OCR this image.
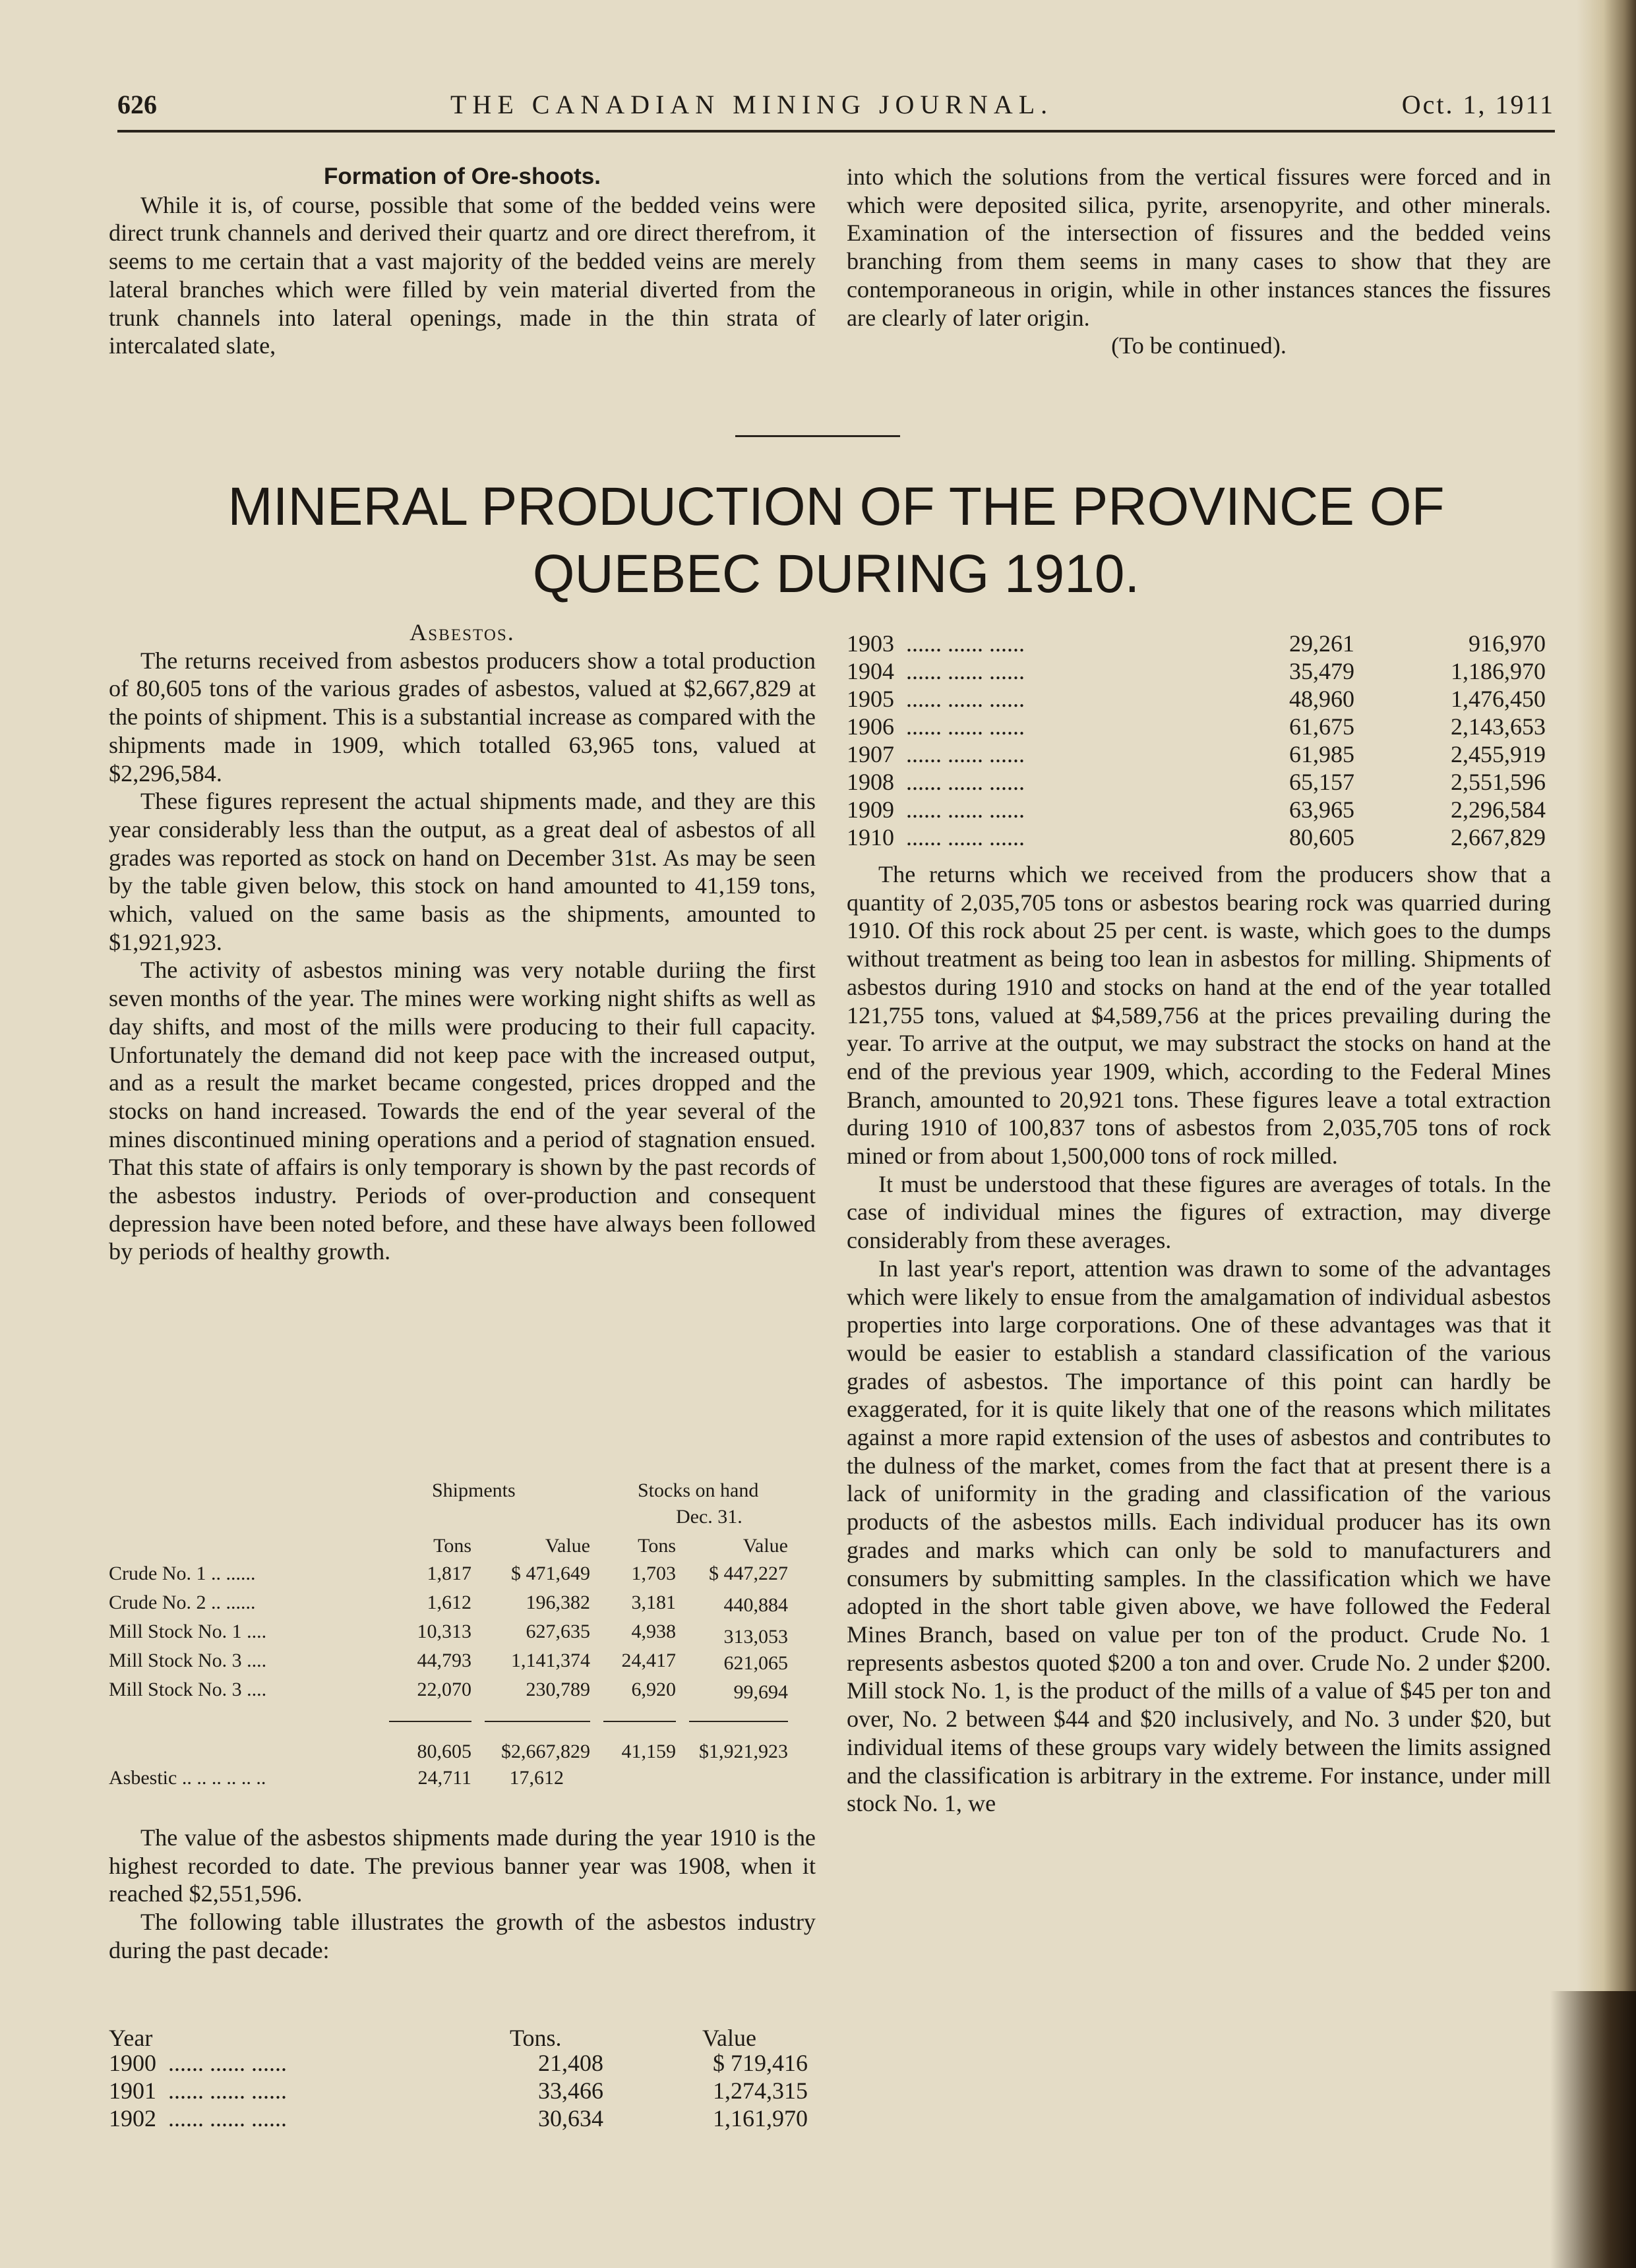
626	THE CANADIAN MINING JOURNAL.	Oct. 1, 1911
Formation of Ore-shoots.

While it is, of course, possible that some of the bedded veins were direct trunk channels and derived their quartz and ore direct therefrom, it seems to me certain that a vast majority of the bedded veins are merely lateral branches which were filled by vein material diverted from the trunk channels into lateral openings, made in the thin strata of intercalated slate,

into which the solutions from the vertical fissures were forced and in which were deposited silica, pyrite, arsenopyrite, and other minerals. Examination of the intersection of fissures and the bedded veins branching from them seems in many cases to show that they are contemporaneous in origin, while in other instances stances the fissures are clearly of later origin.

(To be continued).
MINERAL PRODUCTION OF THE PROVINCE OF
QUEBEC DURING 1910.
Asbestos.

The returns received from asbestos producers show a total production of 80,605 tons of the various grades of asbestos, valued at $2,667,829 at the points of shipment. This is a substantial increase as compared with the shipments made in 1909, which totalled 63,965 tons, valued at $2,296,584.

These figures represent the actual shipments made, and they are this year considerably less than the output, as a great deal of asbestos of all grades was reported as stock on hand on December 31st. As may be seen by the table given below, this stock on hand amounted to 41,159 tons, which, valued on the same basis as the shipments, amounted to $1,921,923.

The activity of asbestos mining was very notable duriing the first seven months of the year. The mines were working night shifts as well as day shifts, and most of the mills were producing to their full capacity. Unfortunately the demand did not keep pace with the increased output, and as a result the market became congested, prices dropped and the stocks on hand increased. Towards the end of the year several of the mines discontinued mining operations and a period of stagnation ensued. That this state of affairs is only temporary is shown by the past records of the asbestos industry. Periods of over-production and consequent depression have been noted before, and these have always been followed by periods of healthy growth.

Shipments	Stocks on hand
Dec. 31.
Tons	Value	Tons	Value
Crude No. 1 .. ......	1,817	$ 471,649	1,703	$ 447,227
Crude No. 2 .. ......	1,612	196,382	3,181	440,884
Mill Stock No. 1 ....	10,313	627,635	4,938	313,053
Mill Stock No. 3 ....	44,793	1,141,374	24,417	621,065
Mill Stock No. 3 ....	22,070	230,789	6,920	99,694
80,605	$2,667,829	41,159	$1,921,923
Asbestic .. .. .. .. .. ..	24,711	17,612

The value of the asbestos shipments made during the year 1910 is the highest recorded to date. The previous banner year was 1908, when it reached $2,551,596.

The following table illustrates the growth of the asbestos industry during the past decade:

Year	Tons.	Value
1900 ...... ...... ......	21,408	$ 719,416
1901 ...... ...... ......	33,466	1,274,315
1902 ...... ...... ......	30,634	1,161,970
1903 ...... ...... ......	29,261	916,970
1904 ...... ...... ......	35,479	1,186,970
1905 ...... ...... ......	48,960	1,476,450
1906 ...... ...... ......	61,675	2,143,653
1907 ...... ...... ......	61,985	2,455,919
1908 ...... ...... ......	65,157	2,551,596
1909 ...... ...... ......	63,965	2,296,584
1910 ...... ...... ......	80,605	2,667,829

The returns which we received from the producers show that a quantity of 2,035,705 tons or asbestos bearing rock was quarried during 1910. Of this rock about 25 per cent. is waste, which goes to the dumps without treatment as being too lean in asbestos for milling. Shipments of asbestos during 1910 and stocks on hand at the end of the year totalled 121,755 tons, valued at $4,589,756 at the prices prevailing during the year. To arrive at the output, we may substract the stocks on hand at the end of the previous year 1909, which, according to the Federal Mines Branch, amounted to 20,921 tons. These figures leave a total extraction during 1910 of 100,837 tons of asbestos from 2,035,705 tons of rock mined or from about 1,500,000 tons of rock milled.

It must be understood that these figures are averages of totals. In the case of individual mines the figures of extraction, may diverge considerably from these averages.

In last year's report, attention was drawn to some of the advantages which were likely to ensue from the amalgamation of individual asbestos properties into large corporations. One of these advantages was that it would be easier to establish a standard classification of the various grades of asbestos. The importance of this point can hardly be exaggerated, for it is quite likely that one of the reasons which militates against a more rapid extension of the uses of asbestos and contributes to the dulness of the market, comes from the fact that at present there is a lack of uniformity in the grading and classification of the various products of the asbestos mills. Each individual producer has its own grades and marks which can only be sold to manufacturers and consumers by submitting samples. In the classification which we have adopted in the short table given above, we have followed the Federal Mines Branch, based on value per ton of the product. Crude No. 1 represents asbestos quoted $200 a ton and over. Crude No. 2 under $200. Mill stock No. 1, is the product of the mills of a value of $45 per ton and over, No. 2 between $44 and $20 inclusively, and No. 3 under $20, but individual items of these groups vary widely between the limits assigned and the classification is arbitrary in the extreme. For instance, under mill stock No. 1, we
